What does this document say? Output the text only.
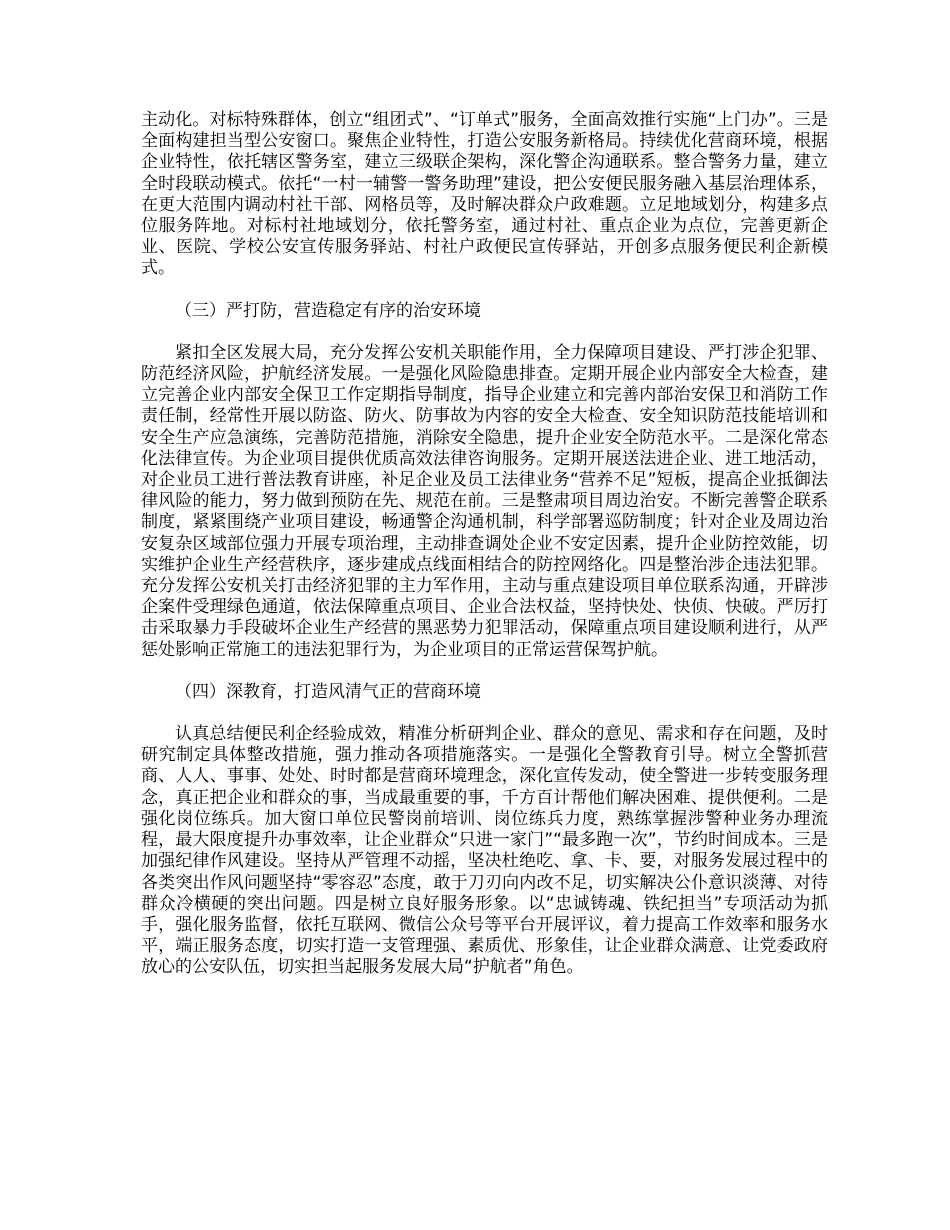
主动化。对标特殊群体，创立“组团式”、“订单式”服务，全面高效推行实施“上门办”。三是全面构建担当型公安窗口。聚焦企业特性，打造公安服务新格局。持续优化营商环境，根据企业特性，依托辖区警务室，建立三级联企架构，深化警企沟通联系。整合警务力量，建立全时段联动模式。依托“一村一辅警一警务助理”建设，把公安便民服务融入基层治理体系，在更大范围内调动村社干部、网格员等，及时解决群众户政难题。立足地域划分，构建多点位服务阵地。对标村社地域划分，依托警务室，通过村社、重点企业为点位，完善更新企业、医院、学校公安宣传服务驿站、村社户政便民宣传驿站，开创多点服务便民利企新模式。

（三）严打防，营造稳定有序的治安环境

紧扣全区发展大局，充分发挥公安机关职能作用，全力保障项目建设、严打涉企犯罪、防范经济风险，护航经济发展。一是强化风险隐患排查。定期开展企业内部安全大检查，建立完善企业内部安全保卫工作定期指导制度，指导企业建立和完善内部治安保卫和消防工作责任制，经常性开展以防盗、防火、防事故为内容的安全大检查、安全知识防范技能培训和安全生产应急演练，完善防范措施，消除安全隐患，提升企业安全防范水平。二是深化常态化法律宣传。为企业项目提供优质高效法律咨询服务。定期开展送法进企业、进工地活动，对企业员工进行普法教育讲座，补足企业及员工法律业务“营养不足”短板，提高企业抵御法律风险的能力，努力做到预防在先、规范在前。三是整肃项目周边治安。不断完善警企联系制度，紧紧围绕产业项目建设，畅通警企沟通机制，科学部署巡防制度；针对企业及周边治安复杂区域部位强力开展专项治理，主动排查调处企业不安定因素，提升企业防控效能，切实维护企业生产经营秩序，逐步建成点线面相结合的防控网络化。四是整治涉企违法犯罪。充分发挥公安机关打击经济犯罪的主力军作用，主动与重点建设项目单位联系沟通，开辟涉企案件受理绿色通道，依法保障重点项目、企业合法权益，坚持快处、快侦、快破。严厉打击采取暴力手段破坏企业生产经营的黑恶势力犯罪活动，保障重点项目建设顺利进行，从严惩处影响正常施工的违法犯罪行为，为企业项目的正常运营保驾护航。

（四）深教育，打造风清气正的营商环境

认真总结便民利企经验成效，精准分析研判企业、群众的意见、需求和存在问题，及时研究制定具体整改措施，强力推动各项措施落实。一是强化全警教育引导。树立全警抓营商、人人、事事、处处、时时都是营商环境理念，深化宣传发动，使全警进一步转变服务理念，真正把企业和群众的事，当成最重要的事，千方百计帮他们解决困难、提供便利。二是强化岗位练兵。加大窗口单位民警岗前培训、岗位练兵力度，熟练掌握涉警种业务办理流程，最大限度提升办事效率，让企业群众“只进一家门”“最多跑一次”，节约时间成本。三是加强纪律作风建设。坚持从严管理不动摇，坚决杜绝吃、拿、卡、要，对服务发展过程中的各类突出作风问题坚持“零容忍”态度，敢于刀刃向内改不足，切实解决公仆意识淡薄、对待群众冷横硬的突出问题。四是树立良好服务形象。以“忠诚铸魂、铁纪担当”专项活动为抓手，强化服务监督，依托互联网、微信公众号等平台开展评议，着力提高工作效率和服务水平，端正服务态度，切实打造一支管理强、素质优、形象佳，让企业群众满意、让党委政府放心的公安队伍，切实担当起服务发展大局“护航者”角色。
